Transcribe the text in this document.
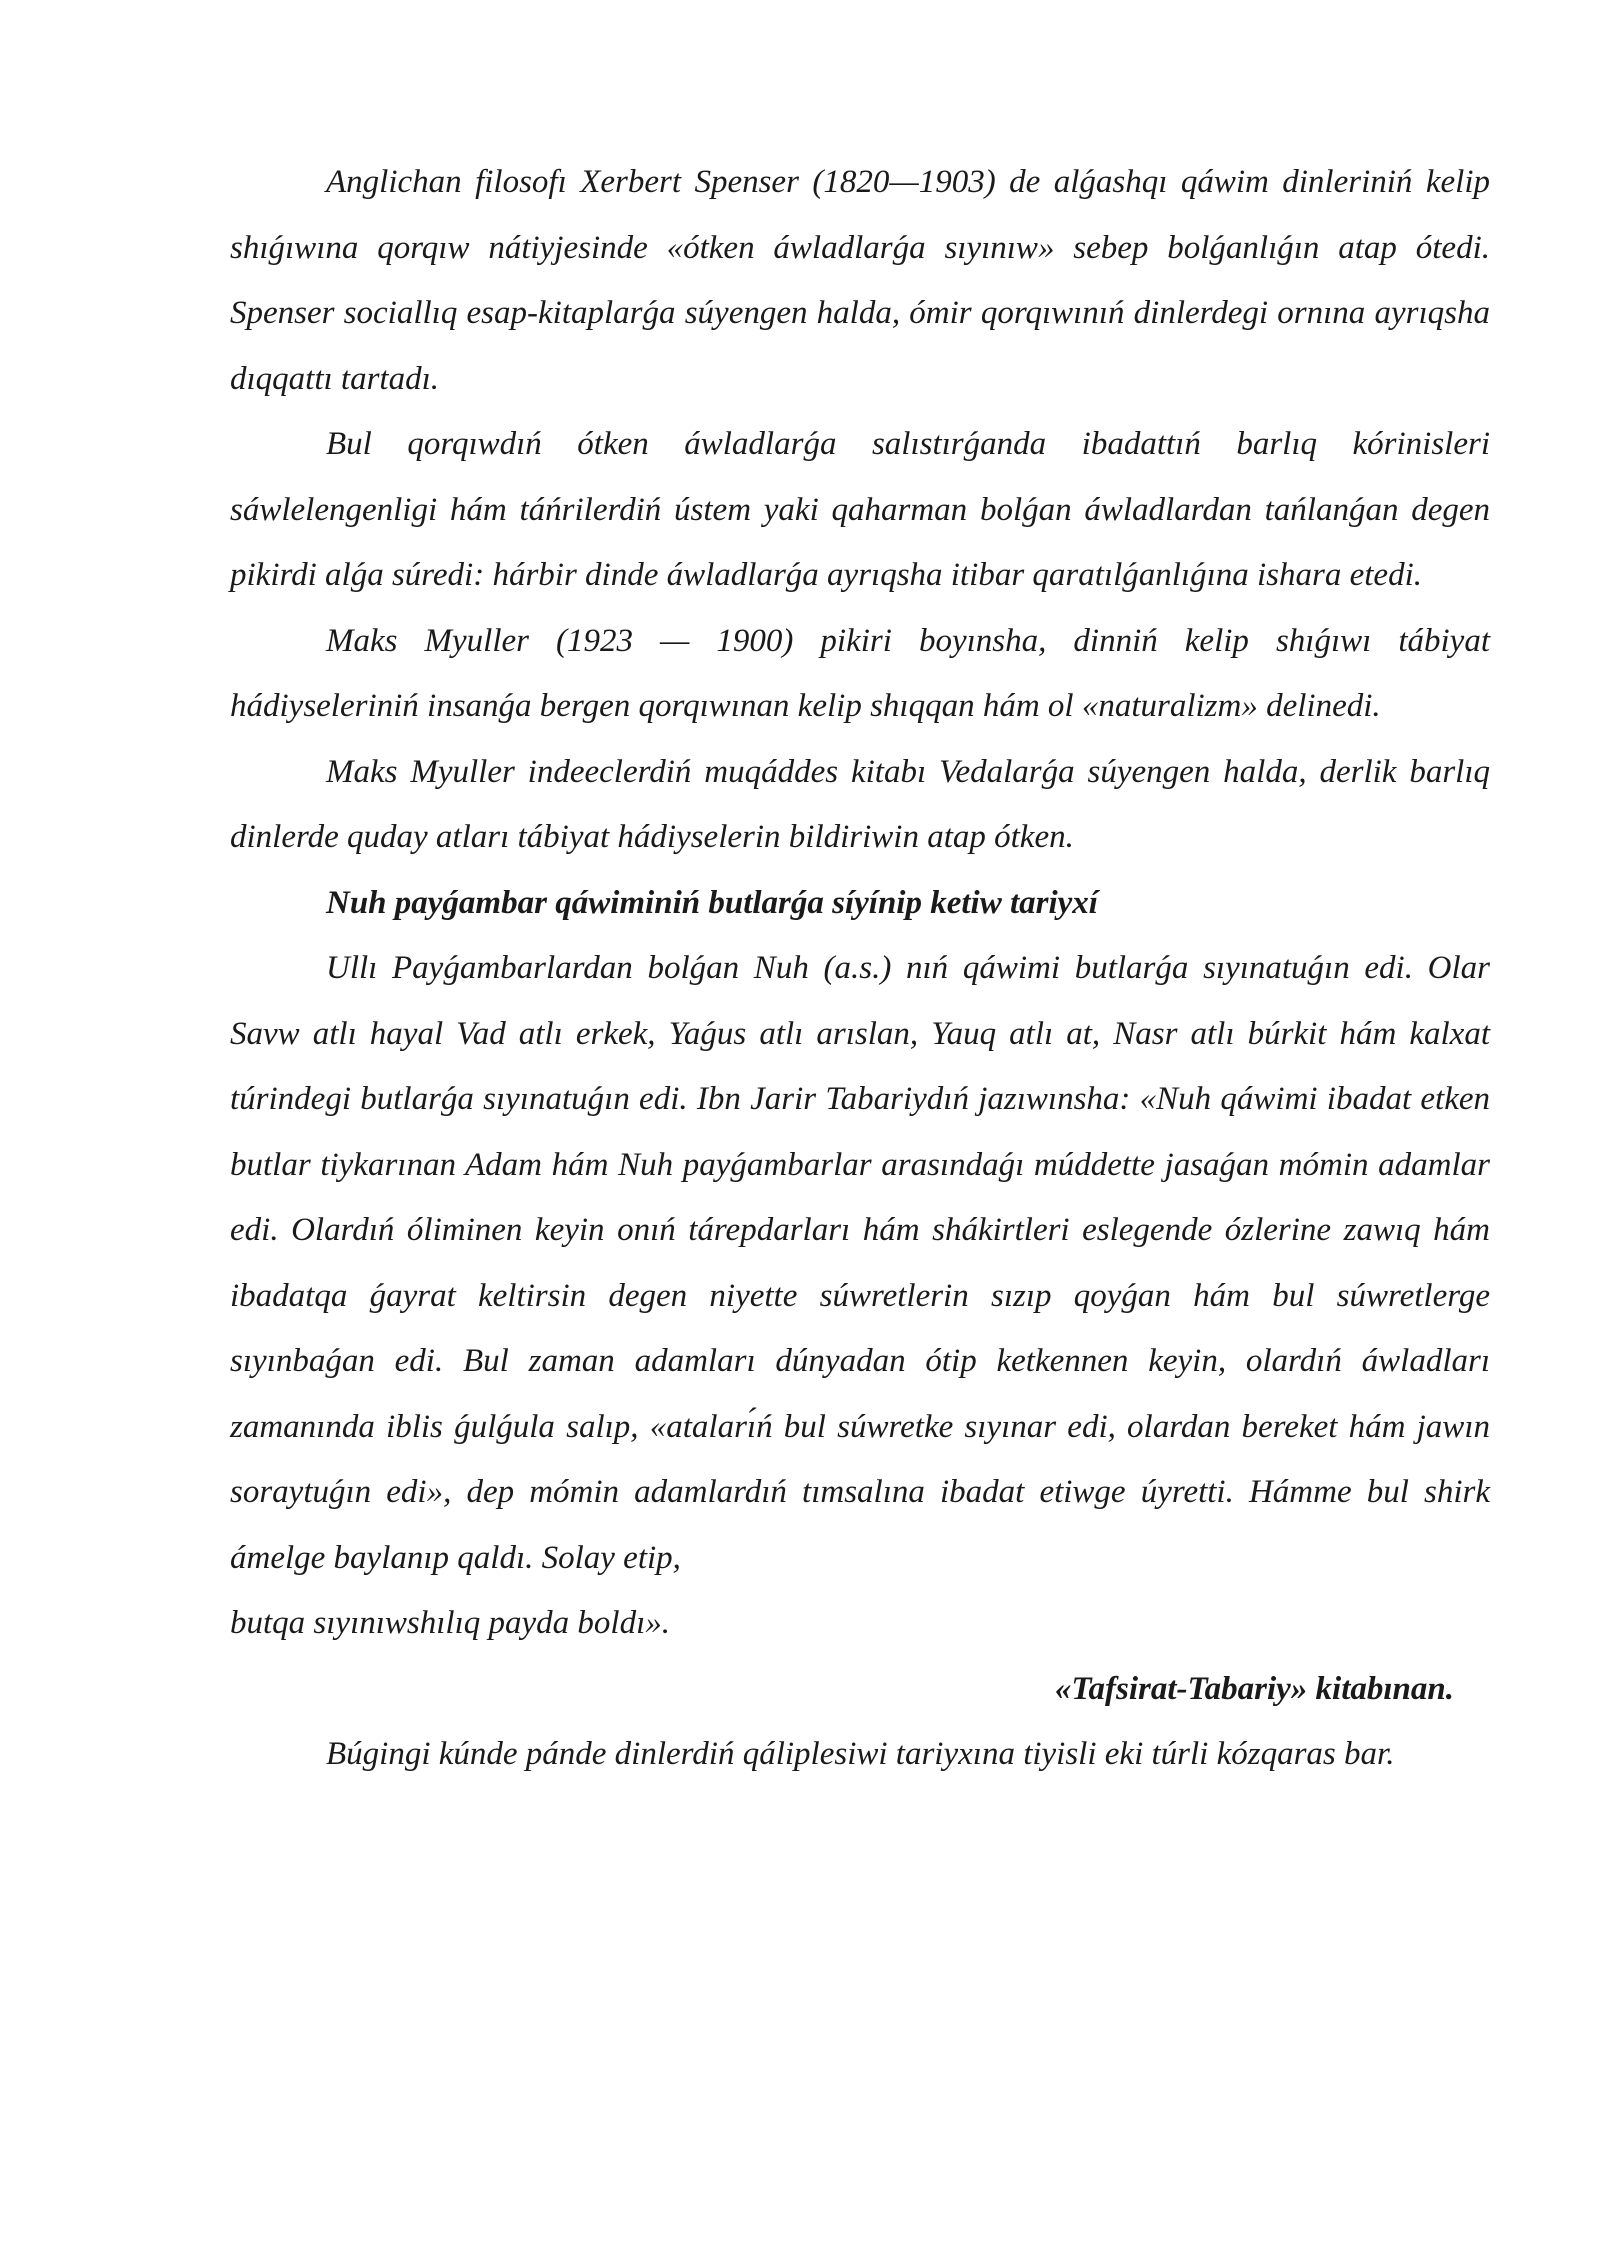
Anglichan filosofı Xerbert Spenser (1820—1903) de alǵashqı qáwim dinleriniń kelip shıǵıwına qorqıw nátiyjesinde «ótken áwladlarǵa sıyınıw» sebep bolǵanlıǵın atap ótedi. Spenser sociallıq esap-kitaplarǵa súyengen halda, ómir qorqıwınıń dinlerdegi ornına ayrıqsha dıqqattı tartadı.

Bul qorqıwdıń ótken áwladlarǵa salıstırǵanda ibadattıń barlıq kórinisleri sáwlelengenligi hám táńrilerdiń ústem yaki qaharman bolǵan áwladlardan tańlanǵan degen pikirdi alǵa súredi: hárbir dinde áwladlarǵa ayrıqsha itibar qaratılǵanlıǵına ishara etedi.

Maks Myuller (1923 — 1900) pikiri boyınsha, dinniń kelip shıǵıwı tábiyat hádiyseleriniń insanǵa bergen qorqıwınan kelip shıqqan hám ol «naturalizm» delinedi.

Maks Myuller indeeclerdiń muqáddes kitabı Vedalarǵa súyengen halda, derlik barlıq dinlerde quday atları tábiyat hádiyselerin bildiriwin atap ótken.

Nuh payǵambar qáwiminiń butlarǵa síyínip ketiw tariyxí

Ullı Payǵambarlardan bolǵan Nuh (a.s.) nıń qáwimi butlarǵa sıyınatuǵın edi. Olar Savw atlı hayal Vad atlı erkek, Yaǵus atlı arıslan, Yauq atlı at, Nasr atlı búrkit hám kalxat túrindegi butlarǵa sıyınatuǵın edi. Ibn Jarir Tabariydıń jazıwınsha: «Nuh qáwimi ibadat etken butlar tiykarınan Adam hám Nuh payǵambarlar arasındaǵı múddette jasaǵan mómin adamlar edi. Olardıń óliminen keyin onıń tárepdarları hám shákirtleri eslegende ózlerine zawıq hám ibadatqa ǵayrat keltirsin degen niyette súwretlerin sızıp qoyǵan hám bul súwretlerge sıyınbaǵan edi. Bul zaman adamları dúnyadan ótip ketkennen keyin, olardıń áwladları zamanında iblis ǵulǵula salıp, «ataları́ń bul súwretke sıyınar edi, olardan bereket hám jawın soraytuǵın edi», dep mómin adamlardıń tımsalına ibadat etiwge úyretti. Hámme bul shirk ámelge baylanıp qaldı. Solay etip,

butqa sıyınıwshılıq payda boldı».

«Tafsirat-Tabariy» kitabınan.

Búgingi kúnde pánde dinlerdiń qáliplesiwi tariyxına tiyisli eki túrli kózqaras bar.
